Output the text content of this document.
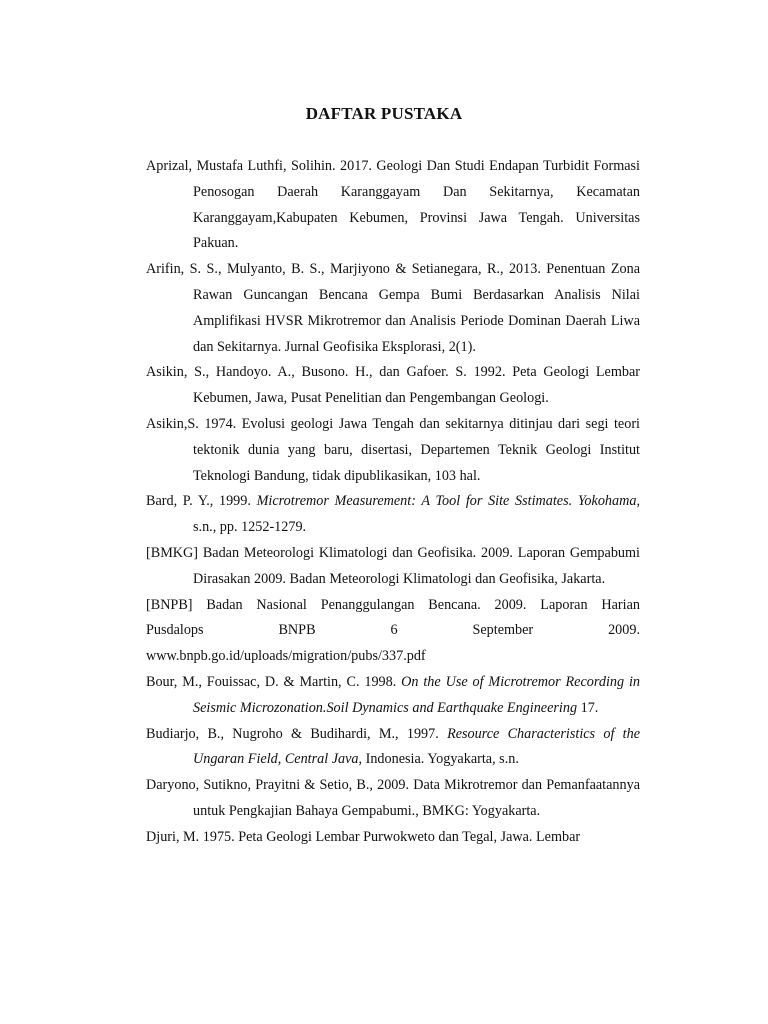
DAFTAR PUSTAKA

Aprizal, Mustafa Luthfi, Solihin. 2017. Geologi Dan Studi Endapan Turbidit Formasi Penosogan Daerah Karanggayam Dan Sekitarnya, Kecamatan Karanggayam,Kabupaten Kebumen, Provinsi Jawa Tengah. Universitas Pakuan.

Arifin, S. S., Mulyanto, B. S., Marjiyono & Setianegara, R., 2013. Penentuan Zona Rawan Guncangan Bencana Gempa Bumi Berdasarkan Analisis Nilai Amplifikasi HVSR Mikrotremor dan Analisis Periode Dominan Daerah Liwa dan Sekitarnya. Jurnal Geofisika Eksplorasi, 2(1).

Asikin, S., Handoyo. A., Busono. H., dan Gafoer. S. 1992. Peta Geologi Lembar Kebumen, Jawa, Pusat Penelitian dan Pengembangan Geologi.

Asikin,S. 1974. Evolusi geologi Jawa Tengah dan sekitarnya ditinjau dari segi teori tektonik dunia yang baru, disertasi, Departemen Teknik Geologi Institut Teknologi Bandung, tidak dipublikasikan, 103 hal.

Bard, P. Y., 1999. Microtremor Measurement: A Tool for Site Sstimates. Yokohama, s.n., pp. 1252-1279.

[BMKG] Badan Meteorologi Klimatologi dan Geofisika. 2009. Laporan Gempabumi Dirasakan 2009. Badan Meteorologi Klimatologi dan Geofisika, Jakarta.

[BNPB] Badan Nasional Penanggulangan Bencana. 2009. Laporan Harian
Pusdalops BNPB 6 September 2009.
www.bnpb.go.id/uploads/migration/pubs/337.pdf

Bour, M., Fouissac, D. & Martin, C. 1998. On the Use of Microtremor Recording in Seismic Microzonation.Soil Dynamics and Earthquake Engineering 17.

Budiarjo, B., Nugroho & Budihardi, M., 1997. Resource Characteristics of the Ungaran Field, Central Java, Indonesia. Yogyakarta, s.n.

Daryono, Sutikno, Prayitni & Setio, B., 2009. Data Mikrotremor dan Pemanfaatannya untuk Pengkajian Bahaya Gempabumi., BMKG: Yogyakarta.

Djuri, M. 1975. Peta Geologi Lembar Purwokweto dan Tegal, Jawa. Lembar
